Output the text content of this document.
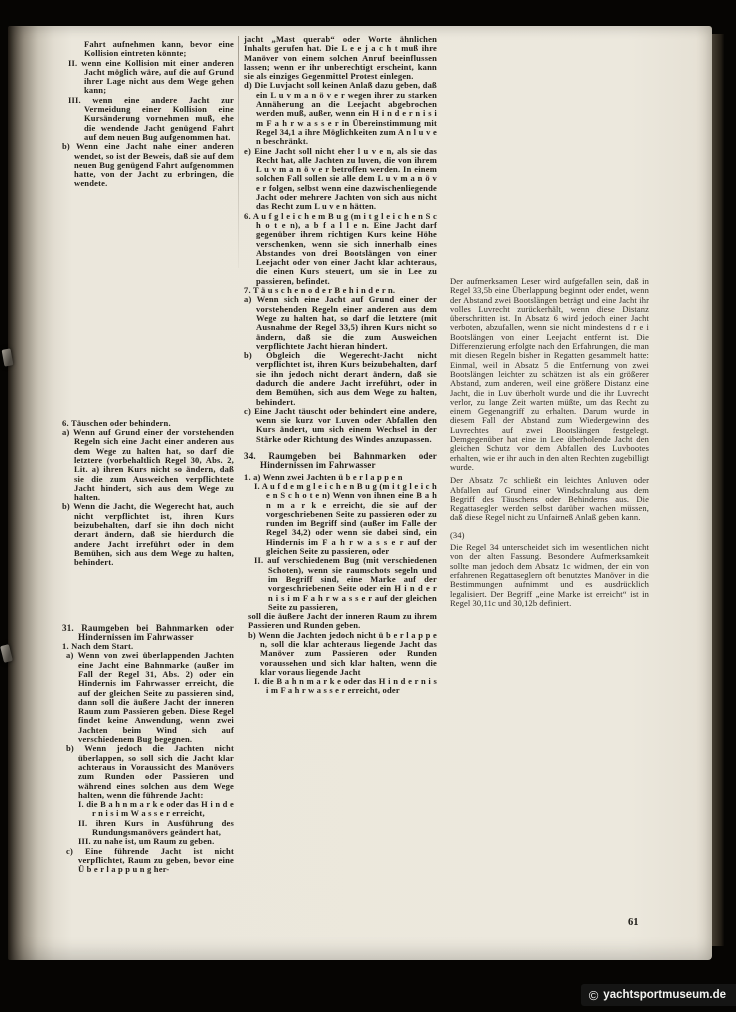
Fahrt aufnehmen kann, bevor eine Kollision eintreten könnte;
II. wenn eine Kollision mit einer anderen Jacht möglich wäre, auf die auf Grund ihrer Lage nicht aus dem Wege gehen kann;
III. wenn eine andere Jacht zur Vermeidung einer Kollision eine Kursänderung vornehmen muß, ehe die wendende Jacht genügend Fahrt auf dem neuen Bug aufgenommen hat.
b) Wenn eine Jacht nahe einer anderen wendet, so ist der Beweis, daß sie auf dem neuen Bug genügend Fahrt aufgenommen hatte, von der Jacht zu erbringen, die wendete.
6. Täuschen oder behindern.
a) Wenn auf Grund einer der vorstehenden Regeln sich eine Jacht einer anderen aus dem Wege zu halten hat, so darf die letztere (vorbehaltlich Regel 30, Abs. 2, Lit. a) ihren Kurs nicht so ändern, daß sie die zum Ausweichen verpflichtete Jacht hindert, sich aus dem Wege zu halten.
b) Wenn die Jacht, die Wegerecht hat, auch nicht verpflichtet ist, ihren Kurs beizubehalten, darf sie ihn doch nicht derart ändern, daß sie hierdurch die andere Jacht irreführt oder in dem Bemühen, sich aus dem Wege zu halten, behindert.
31. Raumgeben bei Bahnmarken oder Hindernissen im Fahrwasser
1. Nach dem Start.
a) Wenn von zwei überlappenden Jachten eine Jacht eine Bahnmarke (außer im Fall der Regel 31, Abs. 2) oder ein Hindernis im Fahrwasser erreicht, die auf der gleichen Seite zu passieren sind, dann soll die äußere Jacht der inneren Raum zum Passieren geben. Diese Regel findet keine Anwendung, wenn zwei Jachten beim Wind sich auf verschiedenem Bug begegnen.
b) Wenn jedoch die Jachten nicht überlappen, so soll sich die Jacht klar achteraus in Voraussicht des Manövers zum Runden oder Passieren und während eines solchen aus dem Wege halten, wenn die führende Jacht:
I. die B a h n m a r k e oder das H i n d e r n i s i m W a s s e r erreicht,
II. ihren Kurs in Ausführung des Rundungsmanövers geändert hat,
III. zu nahe ist, um Raum zu geben.
c) Eine führende Jacht ist nicht verpflichtet, Raum zu geben, bevor eine Ü b e r l a p p u n g her-
jacht „Mast querab“ oder Worte ähnlichen Inhalts gerufen hat. Die L e e j a c h t muß ihre Manöver von einem solchen Anruf beeinflussen lassen; wenn er ihr unberechtigt erscheint, kann sie als einziges Gegenmittel Protest einlegen.
d) Die Luvjacht soll keinen Anlaß dazu geben, daß ein L u v m a n ö v e r wegen ihrer zu starken Annäherung an die Leejacht abgebrochen werden muß, außer, wenn ein H i n d e r n i s i m F a h r w a s s e r in Übereinstimmung mit Regel 34,1 a ihre Möglichkeiten zum A n l u v e n beschränkt.
e) Eine Jacht soll nicht eher l u v e n, als sie das Recht hat, alle Jachten zu luven, die von ihrem L u v m a n ö v e r betroffen werden. In einem solchen Fall sollen sie alle dem L u v m a n ö v e r folgen, selbst wenn eine dazwischenliegende Jacht oder mehrere Jachten von sich aus nicht das Recht zum L u v e n hätten.
6. A u f g l e i c h e m B u g (m i t g l e i c h e n S c h o t e n), a b f a l l e n. Eine Jacht darf gegenüber ihrem richtigen Kurs keine Höhe verschenken, wenn sie sich innerhalb eines Abstandes von drei Bootslängen von einer Leejacht oder von einer Jacht klar achteraus, die einen Kurs steuert, um sie in Lee zu passieren, befindet.
7. T ä u s c h e n o d e r B e h i n d e r n.
a) Wenn sich eine Jacht auf Grund einer der vorstehenden Regeln einer anderen aus dem Wege zu halten hat, so darf die letztere (mit Ausnahme der Regel 33,5) ihren Kurs nicht so ändern, daß sie die zum Ausweichen verpflichtete Jacht hieran hindert.
b) Obgleich die Wegerecht-Jacht nicht verpflichtet ist, ihren Kurs beizubehalten, darf sie ihn jedoch nicht derart ändern, daß sie dadurch die andere Jacht irreführt, oder in dem Bemühen, sich aus dem Wege zu halten, behindert.
c) Eine Jacht täuscht oder behindert eine andere, wenn sie kurz vor Luven oder Abfallen den Kurs ändert, um sich einem Wechsel in der Stärke oder Richtung des Windes anzupassen.
34. Raumgeben bei Bahnmarken oder Hindernissen im Fahrwasser
1. a) Wenn zwei Jachten ü b e r l a p p e n
I. A u f d e m g l e i c h e n B u g (m i t g l e i c h e n S c h o t e n) Wenn von ihnen eine B a h n m a r k e erreicht, die sie auf der vorgeschriebenen Seite zu passieren oder zu runden im Begriff sind (außer im Falle der Regel 34,2) oder wenn sie dabei sind, ein Hindernis im F a h r w a s s e r auf der gleichen Seite zu passieren, oder
II. auf verschiedenem Bug (mit verschiedenen Schoten), wenn sie raumschots segeln und im Begriff sind, eine Marke auf der vorgeschriebenen Seite oder ein H i n d e r n i s i m F a h r w a s s e r auf der gleichen Seite zu passieren,
soll die äußere Jacht der inneren Raum zu ihrem Passieren und Runden geben.
b) Wenn die Jachten jedoch nicht ü b e r l a p p e n, soll die klar achteraus liegende Jacht das Manöver zum Passieren oder Runden voraussehen und sich klar halten, wenn die klar voraus liegende Jacht
I. die B a h n m a r k e oder das H i n d e r n i s i m F a h r w a s s e r erreicht, oder
Der aufmerksamen Leser wird aufgefallen sein, daß in Regel 33,5b eine Überlappung beginnt oder endet, wenn der Abstand zwei Bootslängen beträgt und eine Jacht ihr volles Luvrecht zurückerhält, wenn diese Distanz überschritten ist. In Absatz 6 wird jedoch einer Jacht verboten, abzufallen, wenn sie nicht mindestens d r e i Bootslängen von einer Leejacht entfernt ist. Die Differenzierung erfolgte nach den Erfahrungen, die man mit diesen Regeln bisher in Regatten gesammelt hatte: Einmal, weil in Absatz 5 die Entfernung von zwei Bootslängen leichter zu schätzen ist als ein größerer Abstand, zum anderen, weil eine größere Distanz eine Jacht, die in Luv überholt wurde und die ihr Luvrecht verlor, zu lange Zeit warten müßte, um das Recht zu einem Gegenangriff zu erhalten. Darum wurde in diesem Fall der Abstand zum Wiedergewinn des Luvrechtes auf zwei Bootslängen festgelegt. Demgegenüber hat eine in Lee überholende Jacht den gleichen Schutz vor dem Abfallen des Luvbootes erhalten, wie er ihr auch in den alten Rechten zugebilligt wurde.
Der Absatz 7c schließt ein leichtes Anluven oder Abfallen auf Grund einer Windschralung aus dem Begriff des Täuschens oder Behinderns aus. Die Regattasegler werden selbst darüber wachen müssen, daß diese Regel nicht zu Unfairneß Anlaß geben kann.
(34)
Die Regel 34 unterscheidet sich im wesentlichen nicht von der alten Fassung. Besondere Aufmerksamkeit sollte man jedoch dem Absatz 1c widmen, der ein von erfahrenen Regattaseglern oft benutztes Manöver in die Bestimmungen aufnimmt und es ausdrücklich legalisiert. Der Begriff „eine Marke ist erreicht“ ist in Regel 30,11c und 30,12b definiert.
61
© yachtsportmuseum.de
